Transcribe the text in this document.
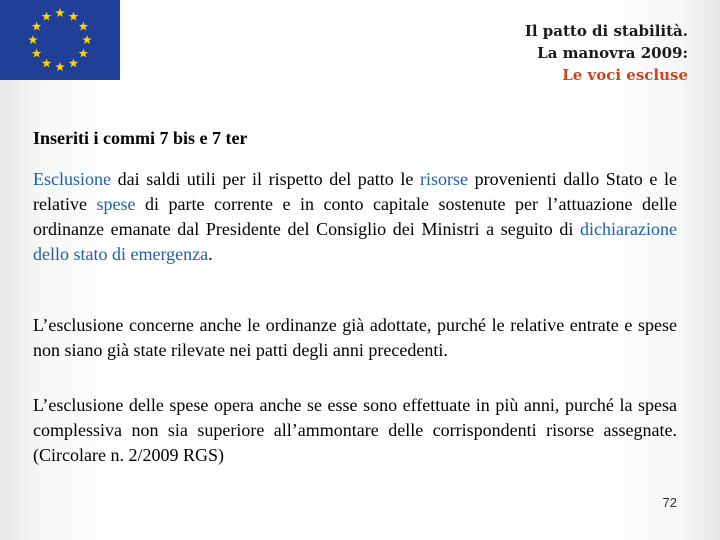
Il patto di stabilità.
La manovra 2009:
Le voci escluse
Inseriti i commi 7 bis e 7 ter
Esclusione dai saldi utili per il rispetto del patto le risorse provenienti dallo Stato e le relative spese di parte corrente e in conto capitale sostenute per l’attuazione delle ordinanze emanate dal Presidente del Consiglio dei Ministri a seguito di dichiarazione dello stato di emergenza.
L’esclusione concerne anche le ordinanze già adottate, purché le relative entrate e spese non siano già state rilevate nei patti degli anni precedenti.
L’esclusione delle spese opera anche se esse sono effettuate in più anni, purché la spesa complessiva non sia superiore all’ammontare delle corrispondenti risorse assegnate. (Circolare n. 2/2009 RGS)
72
